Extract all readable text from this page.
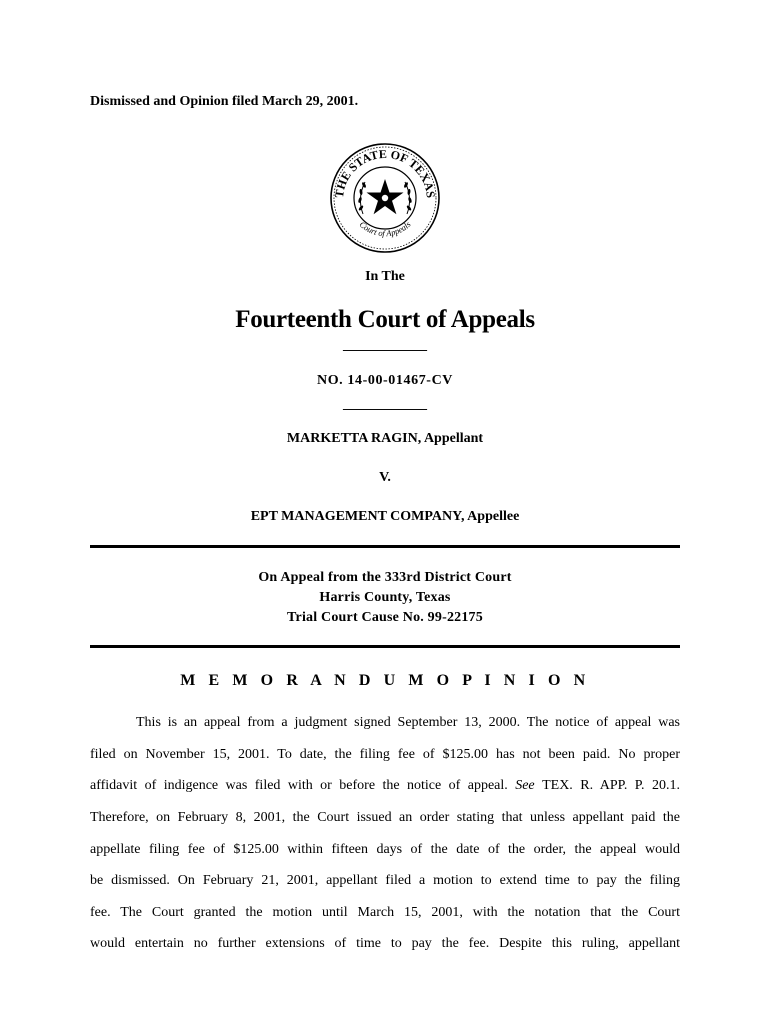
Dismissed and Opinion filed March 29, 2001.
THE STATE OF TEXAS
Court of Appeals
In The
Fourteenth Court of Appeals
____________
NO. 14-00-01467-CV
____________
MARKETTA RAGIN, Appellant
V.
EPT MANAGEMENT COMPANY, Appellee
On Appeal from the 333rd District Court
Harris County, Texas
Trial Court Cause No. 99-22175
M E M O R A N D U M O P I N I O N
This is an appeal from a judgment signed September 13, 2000. The notice of appeal was
filed on November 15, 2001. To date, the filing fee of $125.00 has not been paid. No proper
affidavit of indigence was filed with or before the notice of appeal. See TEX. R. APP. P. 20.1.
Therefore, on February 8, 2001, the Court issued an order stating that unless appellant paid the
appellate filing fee of $125.00 within fifteen days of the date of the order, the appeal would
be dismissed. On February 21, 2001, appellant filed a motion to extend time to pay the filing
fee. The Court granted the motion until March 15, 2001, with the notation that the Court
would entertain no further extensions of time to pay the fee. Despite this ruling, appellant
